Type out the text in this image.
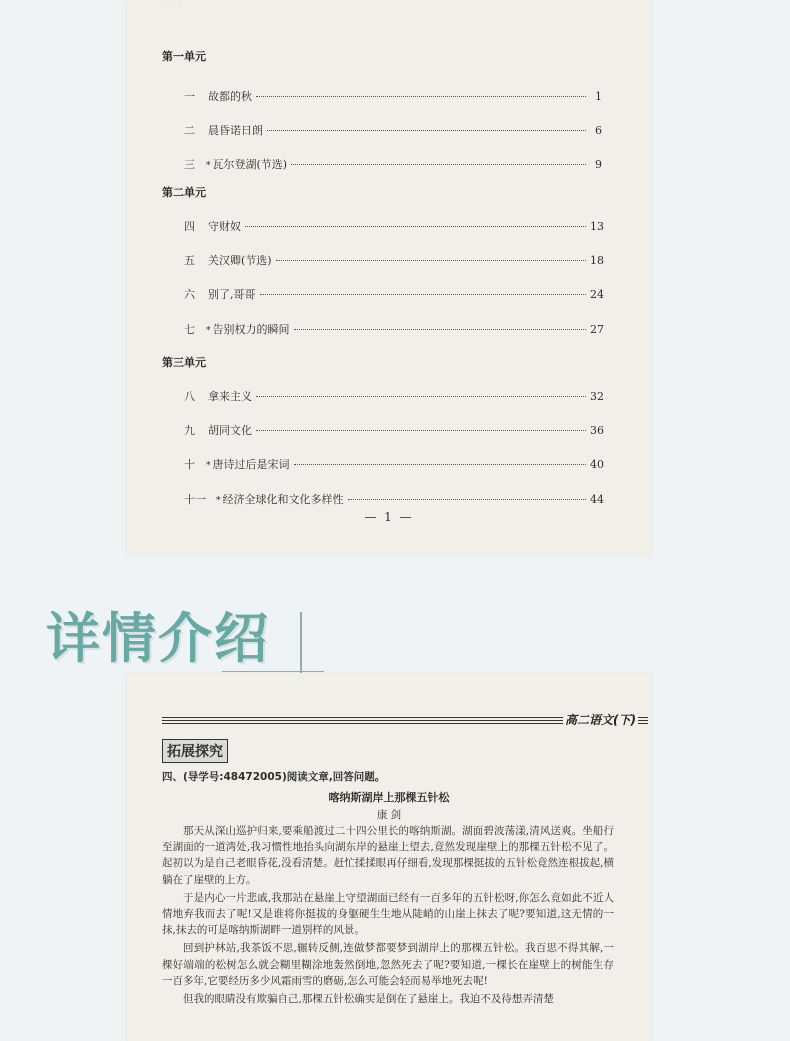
· · ·
第一单元
一	故都的秋	1
二	晨昏诺日朗	6
三	* 瓦尔登湖(节选)	9
第二单元
四	守财奴	13
五	关汉卿(节选)	18
六	别了,哥哥	24
七	* 告别权力的瞬间	27
第三单元
八	拿来主义	32
九	胡同文化	36
十	* 唐诗过后是宋词	40
十一	* 经济全球化和文化多样性	44
— 1 —
详情介绍
高二语文(下)
拓展探究
四、(导学号:48472005)阅读文章,回答问题。
喀纳斯湖岸上那棵五针松
康 剑

那天从深山巡护归来,要乘船渡过二十四公里长的喀纳斯湖。湖面碧波荡漾,清风送爽。坐船行至湖面的一道湾处,我习惯性地抬头向湖东岸的悬崖上望去,竟然发现崖壁上的那棵五针松不见了。起初以为是自己老眼昏花,没看清楚。赶忙揉揉眼再仔细看,发现那棵挺拔的五针松竟然连根拔起,横躺在了崖壁的上方。

于是内心一片悲戚,我那站在悬崖上守望湖面已经有一百多年的五针松呀,你怎么竟如此不近人情地弃我而去了呢!又是谁将你挺拔的身躯硬生生地从陡峭的山崖上抹去了呢?要知道,这无情的一抹,抹去的可是喀纳斯湖畔一道别样的风景。

回到护林站,我茶饭不思,辗转反侧,连做梦都要梦到湖岸上的那棵五针松。我百思不得其解,一棵好端端的松树怎么就会糊里糊涂地轰然倒地,忽然死去了呢?要知道,一棵长在崖壁上的树能生存一百多年,它要经历多少风霜雨雪的磨砺,怎么可能会轻而易举地死去呢!

但我的眼睛没有欺骗自己,那棵五针松确实是倒在了悬崖上。我迫不及待想弄清楚
